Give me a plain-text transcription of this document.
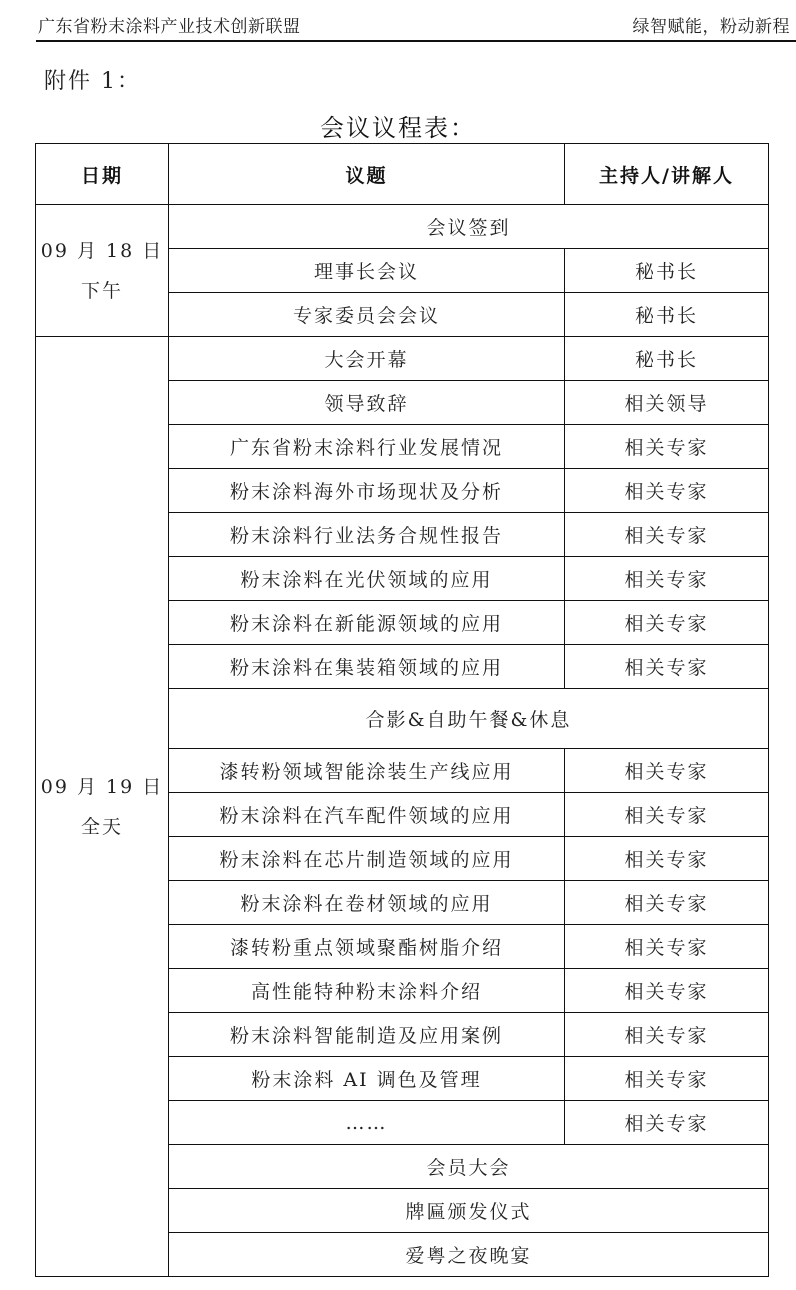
广东省粉末涂料产业技术创新联盟	绿智赋能，粉动新程
附件 1：
会议议程表：
日期	议题	主持人/讲解人
09 月 18 日
下午	会议签到	
	理事长会议	秘书长
	专家委员会会议	秘书长
09 月 19 日
全天	大会开幕	秘书长
	领导致辞	相关领导
	广东省粉末涂料行业发展情况	相关专家
	粉末涂料海外市场现状及分析	相关专家
	粉末涂料行业法务合规性报告	相关专家
	粉末涂料在光伏领域的应用	相关专家
	粉末涂料在新能源领域的应用	相关专家
	粉末涂料在集装箱领域的应用	相关专家
	合影&自助午餐&休息	
	漆转粉领域智能涂装生产线应用	相关专家
	粉末涂料在汽车配件领域的应用	相关专家
	粉末涂料在芯片制造领域的应用	相关专家
	粉末涂料在卷材领域的应用	相关专家
	漆转粉重点领域聚酯树脂介绍	相关专家
	高性能特种粉末涂料介绍	相关专家
	粉末涂料智能制造及应用案例	相关专家
	粉末涂料 AI 调色及管理	相关专家
	……	相关专家
	会员大会	
	牌匾颁发仪式	
	爱粤之夜晚宴	
